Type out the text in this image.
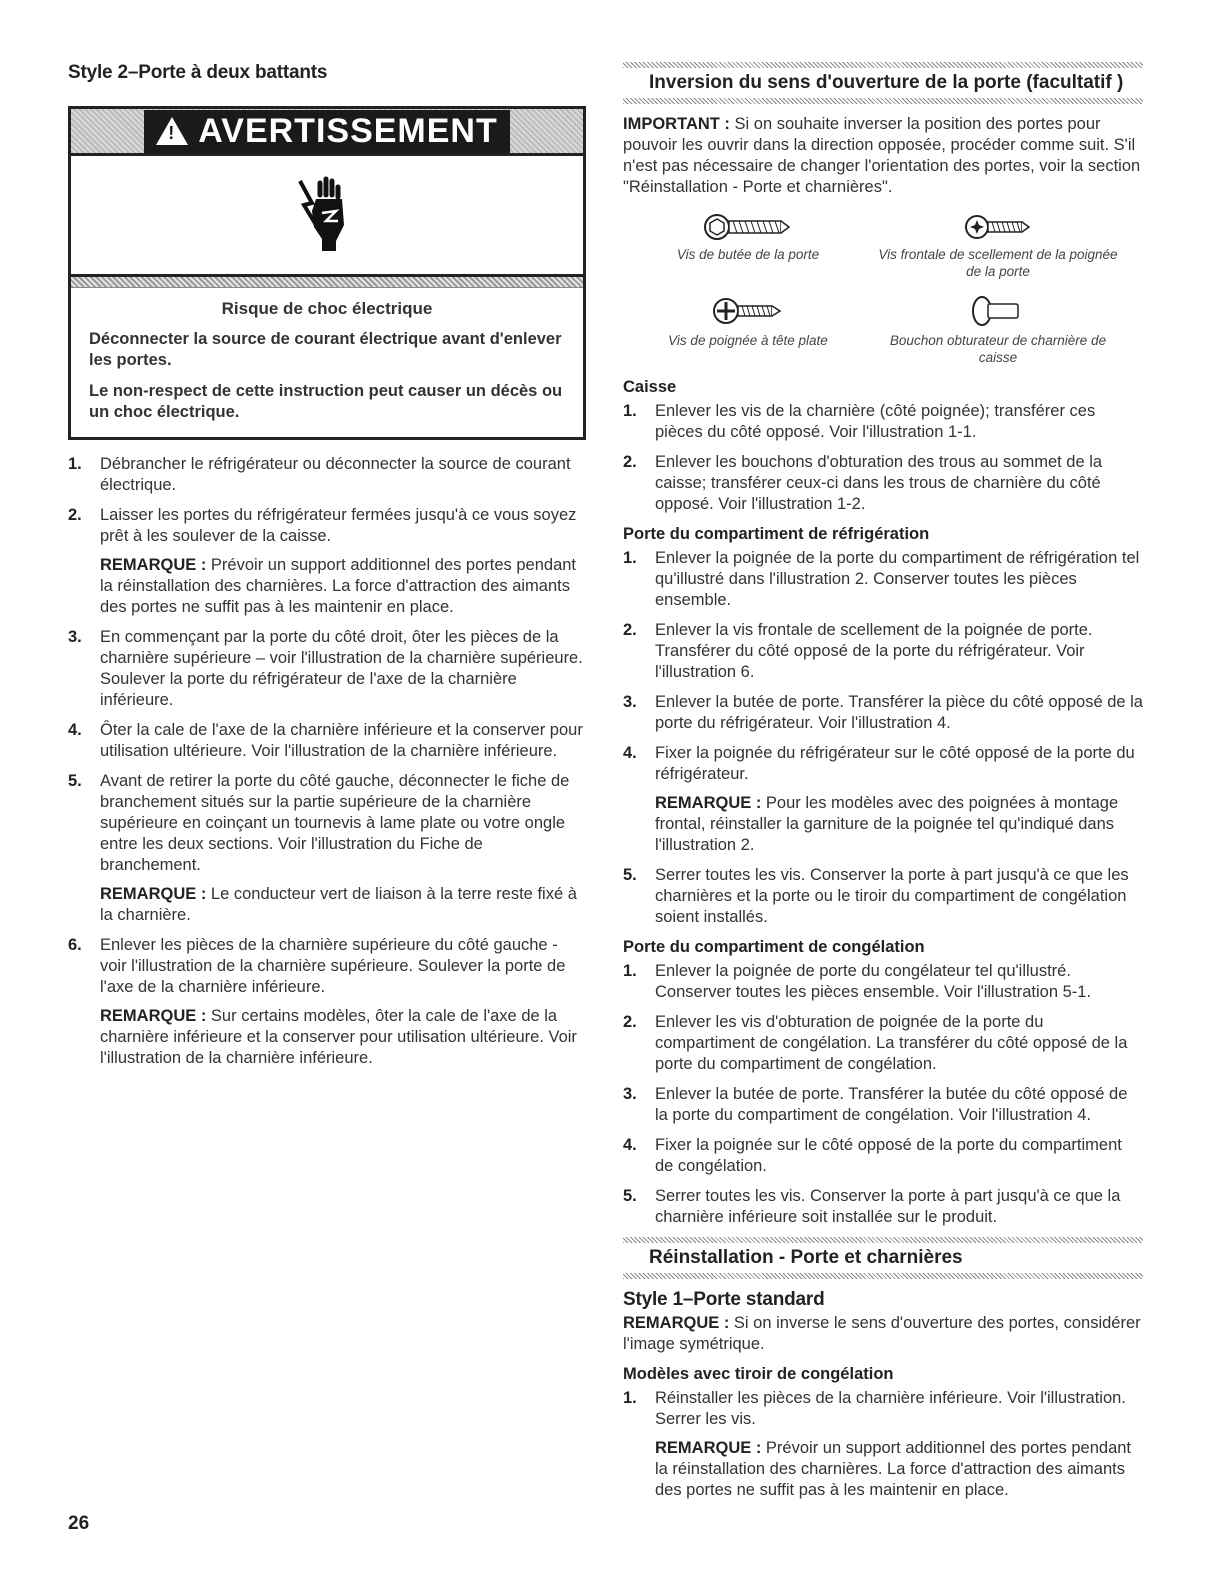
Style 2–Porte à deux battants
!
AVERTISSEMENT
Risque de choc électrique

Déconnecter la source de courant électrique avant d'enlever les portes.

Le non-respect de cette instruction peut causer un décès ou un choc électrique.

1. Débrancher le réfrigérateur ou déconnecter la source de courant électrique.
2. Laisser les portes du réfrigérateur fermées jusqu'à ce vous soyez prêt à les soulever de la caisse.
REMARQUE : Prévoir un support additionnel des portes pendant la réinstallation des charnières. La force d'attraction des aimants des portes ne suffit pas à les maintenir en place.
3. En commençant par la porte du côté droit, ôter les pièces de la charnière supérieure – voir l'illustration de la charnière supérieure. Soulever la porte du réfrigérateur de l'axe de la charnière inférieure.
4. Ôter la cale de l'axe de la charnière inférieure et la conserver pour utilisation ultérieure. Voir l'illustration de la charnière inférieure.
5. Avant de retirer la porte du côté gauche, déconnecter le fiche de branchement situés sur la partie supérieure de la charnière supérieure en coinçant un tournevis à lame plate ou votre ongle entre les deux sections. Voir l'illustration du Fiche de branchement.
REMARQUE : Le conducteur vert de liaison à la terre reste fixé à la charnière.
6. Enlever les pièces de la charnière supérieure du côté gauche - voir l'illustration de la charnière supérieure. Soulever la porte de l'axe de la charnière inférieure.
REMARQUE : Sur certains modèles, ôter la cale de l'axe de la charnière inférieure et la conserver pour utilisation ultérieure. Voir l'illustration de la charnière inférieure.
Inversion du sens d'ouverture de la porte (facultatif )

IMPORTANT : Si on souhaite inverser la position des portes pour pouvoir les ouvrir dans la direction opposée, procéder comme suit. S'il n'est pas nécessaire de changer l'orientation des portes, voir la section "Réinstallation - Porte et charnières".

Vis de butée de la porte	Vis frontale de scellement de la poignée de la porte
Vis de poignée à tête plate	Bouchon obturateur de charnière de caisse
Caisse
1. Enlever les vis de la charnière (côté poignée); transférer ces pièces du côté opposé. Voir l'illustration 1-1.
2. Enlever les bouchons d'obturation des trous au sommet de la caisse; transférer ceux-ci dans les trous de charnière du côté opposé. Voir l'illustration 1-2.
Porte du compartiment de réfrigération
1. Enlever la poignée de la porte du compartiment de réfrigération tel qu'illustré dans l'illustration 2. Conserver toutes les pièces ensemble.
2. Enlever la vis frontale de scellement de la poignée de porte. Transférer du côté opposé de la porte du réfrigérateur. Voir l'illustration 6.
3. Enlever la butée de porte. Transférer la pièce du côté opposé de la porte du réfrigérateur. Voir l'illustration 4.
4. Fixer la poignée du réfrigérateur sur le côté opposé de la porte du réfrigérateur.
REMARQUE : Pour les modèles avec des poignées à montage frontal, réinstaller la garniture de la poignée tel qu'indiqué dans l'illustration 2.
5. Serrer toutes les vis. Conserver la porte à part jusqu'à ce que les charnières et la porte ou le tiroir du compartiment de congélation soient installés.
Porte du compartiment de congélation
1. Enlever la poignée de porte du congélateur tel qu'illustré. Conserver toutes les pièces ensemble. Voir l'illustration 5-1.
2. Enlever les vis d'obturation de poignée de la porte du compartiment de congélation. La transférer du côté opposé de la porte du compartiment de congélation.
3. Enlever la butée de porte. Transférer la butée du côté opposé de la porte du compartiment de congélation. Voir l'illustration 4.
4. Fixer la poignée sur le côté opposé de la porte du compartiment de congélation.
5. Serrer toutes les vis. Conserver la porte à part jusqu'à ce que la charnière inférieure soit installée sur le produit.
Réinstallation - Porte et charnières
Style 1–Porte standard

REMARQUE : Si on inverse le sens d'ouverture des portes, considérer l'image symétrique.

Modèles avec tiroir de congélation
1. Réinstaller les pièces de la charnière inférieure. Voir l'illustration. Serrer les vis.
REMARQUE : Prévoir un support additionnel des portes pendant la réinstallation des charnières. La force d'attraction des aimants des portes ne suffit pas à les maintenir en place.
26
